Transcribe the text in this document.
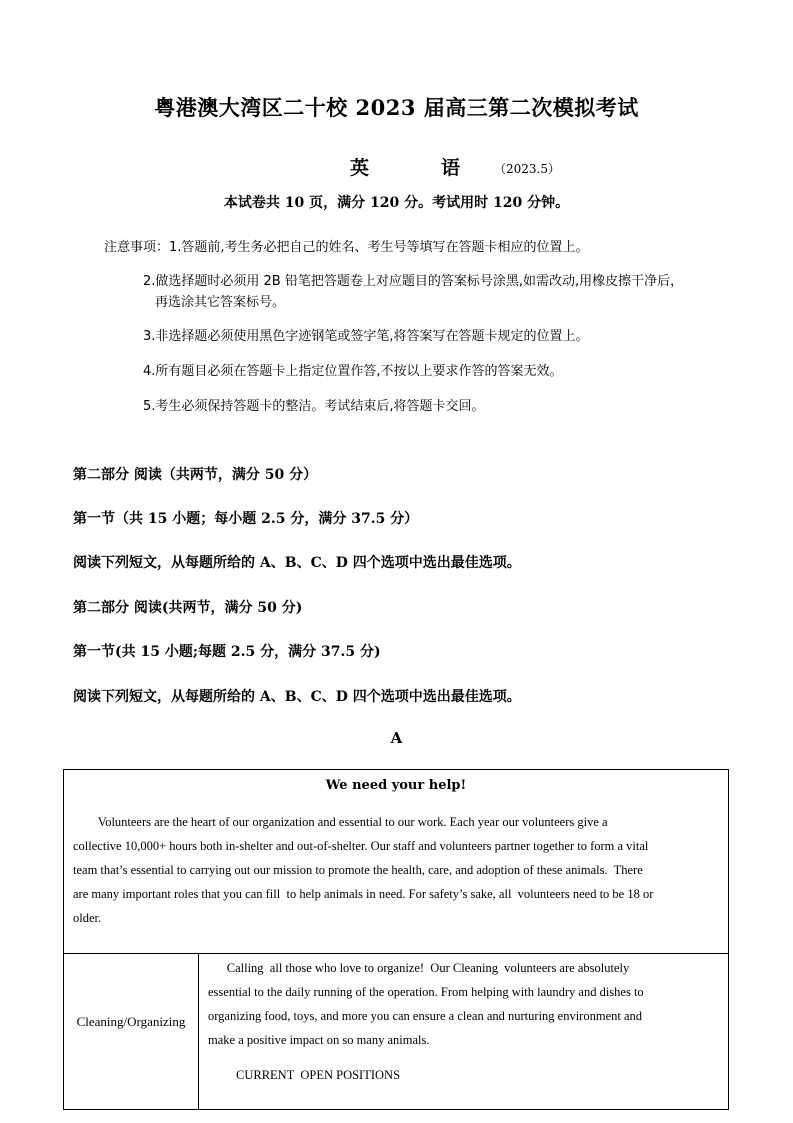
粤港澳大湾区二十校 2023 届高三第二次模拟考试
英	语	（2023.5）
本试卷共 10 页，满分 120 分。考试用时 120 分钟。
注意事项：1.答题前,考生务必把自己的姓名、考生号等填写在答题卡相应的位置上。
2.做选择题时必须用 2B 铅笔把答题卷上对应题目的答案标号涂黑,如需改动,用橡皮擦干净后，
再选涂其它答案标号。
3.非选择题必须使用黑色字迹钢笔或签字笔,将答案写在答题卡规定的位置上。
4.所有题目必须在答题卡上指定位置作答,不按以上要求作答的答案无效。
5.考生必须保持答题卡的整洁。考试结束后,将答题卡交回。
第二部分 阅读（共两节，满分 50 分）
第一节（共 15 小题；每小题 2.5 分，满分 37.5 分）
阅读下列短文，从每题所给的 A、B、C、D 四个选项中选出最佳选项。
第二部分 阅读(共两节，满分 50 分)
第一节(共 15 小题;每题 2.5 分，满分 37.5 分)
阅读下列短文，从每题所给的 A、B、C、D 四个选项中选出最佳选项。
A
We need your help!
Volunteers are the heart of our organization and essential to our work. Each year our volunteers give a
collective 10,000+ hours both in-shelter and out-of-shelter. Our staff and volunteers partner together to form a vital
team that’s essential to carrying out our mission to promote the health, care, and adoption of these animals.  There
are many important roles that you can fill  to help animals in need. For safety’s sake, all  volunteers need to be 18 or
older.
Cleaning/Organizing
Calling  all those who love to organize!  Our Cleaning  volunteers are absolutely
essential to the daily running of the operation. From helping with laundry and dishes to
organizing food, toys, and more you can ensure a clean and nurturing environment and
make a positive impact on so many animals.
CURRENT  OPEN POSITIONS
